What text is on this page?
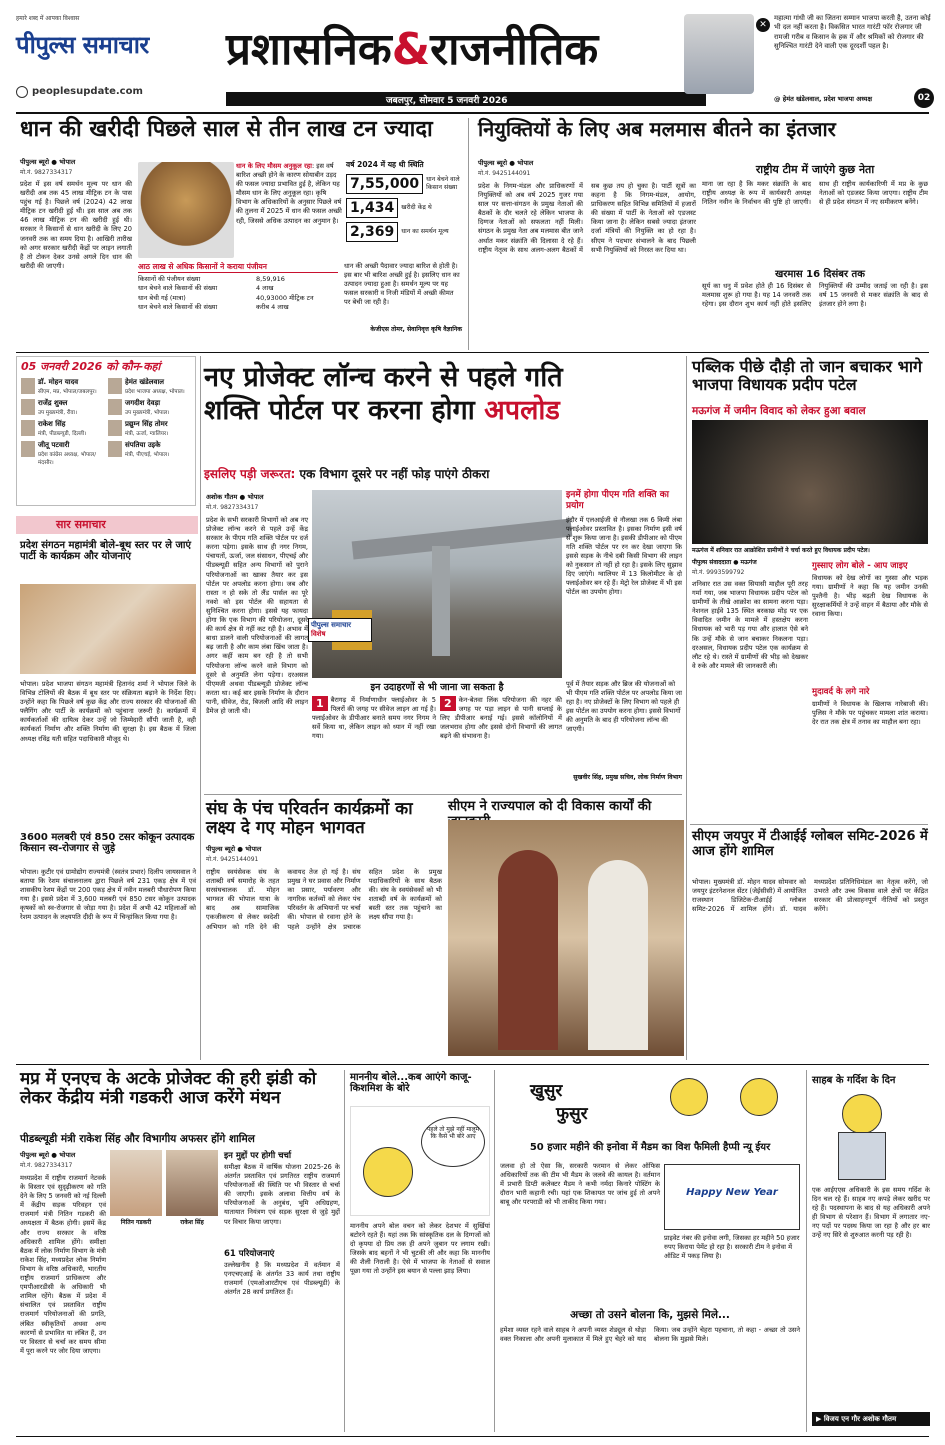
हमारे शब्द में आपका विश्वास
पीपुल्स समाचार
peoplesupdate.com
प्रशासनिक&राजनीतिक
जबलपुर, सोमवार 5 जनवरी 2026
✕
महात्मा गांधी जी का जितना सम्मान भाजपा करती है, उतना कोई भी दल नहीं करता है। विकसित भारत गारंटी फॉर रोजगार जी रामजी गरीब व किसान के हक में और श्रमिकों को रोजगार की सुनिश्चित गारंटी देने वाली एक दूरदर्शी पहल है।
@ हेमंत खंडेलवाल, प्रदेश भाजपा अध्यक्ष	02
धान की खरीदी पिछले साल से तीन लाख टन ज्यादा
पीपुल्स ब्यूरो ● भोपाल
मो.नं. 9827334317
प्रदेश में इस वर्ष समर्थन मूल्य पर धान की खरीदी अब तक 45 लाख मीट्रिक टन के पास पहुंच गई है। पिछले वर्ष (2024) 42 लाख मीट्रिक टन खरीदी हुई थी। इस साल अब तक 46 लाख मीट्रिक टन की खरीदी हुई थी। सरकार ने किसानों से धान खरीदी के लिए 20 जनवरी तक का समय दिया है। आखिरी तारीख को अगर सरकार खरीदी केंद्रों पर लाइन लगाती है तो टोकन देकर उनसे अगले दिन धान की खरीदी की जाएगी।
धान के लिए मौसम अनुकूल रहा: इस वर्ष बारिश अच्छी होने के कारण सोयाबीन उड़द की फसल ज्यादा प्रभावित हुई है, लेकिन यह मौसम धान के लिए अनुकूल रहा। कृषि विभाग के अधिकारियों के अनुसार पिछले वर्ष की तुलना में 2025 में धान की फसल अच्छी रही, जिससे अधिक उत्पादन का अनुमान है।
वर्ष 2024 में यह थी स्थिति
7,55,000	धान बेचने वाले किसान संख्या
1,434	खरीदी केंद्र थे
2,369	धान का समर्थन मूल्य
आठ लाख से अधिक किसानों ने कराया पंजीयन
किसानों की पंजीयन संख्या	8,59,916
धान बेचने वाले किसानों की संख्या	4 लाख
धान बेची गई (मात्रा)	40,93000 मीट्रिक टन
धान बेचने वाले किसानों की संख्या	करीब 4 लाख
धान की अच्छी पैदावार ज्यादा बारिश से होती है। इस बार भी बारिश अच्छी हुई है। इसलिए धान का उत्पादन ज्यादा हुआ है। समर्थन मूल्य पर यह फसल सरकारी व निजी मंडियों में अच्छी कीमत पर बेची जा रही है।
केजीएस तोमर, सेवानिवृत्त कृषि वैज्ञानिक
नियुक्तियों के लिए अब मलमास बीतने का इंतजार
पीपुल्स ब्यूरो ● भोपाल
मो.नं. 9425144091
प्रदेश के निगम-मंडल और प्राधिकरणों में नियुक्तियों को अब वर्ष 2025 गुजर गया साल पर सत्ता-संगठन के प्रमुख नेताओं की बैठकों के दौर चलते रहे लेकिन भाजपा के दिग्गज नेताओं को सफलता नहीं मिली। संगठन के प्रमुख नेता अब मलमास बीत जाने अर्थात मकर संक्रांति की दिलासा दे रहे हैं। राष्ट्रीय नेतृत्व के साथ अलग-अलग बैठकों में सब कुछ तय हो चुका है। पार्टी सूत्रों का कहना है कि निगम-मंडल, आयोग, प्राधिकरण सहित विभिन्न समितियों में हजारों की संख्या में पार्टी के नेताओं को एडजस्ट किया जाना है। लेकिन सबसे ज्यादा इंतजार दर्जा मंत्रियों की नियुक्ति का हो रहा है। सीएम ने पदभार संभालने के बाद पिछली सभी नियुक्तियों को निरस्त कर दिया था।
राष्ट्रीय टीम में जाएंगे कुछ नेता
माना जा रहा है कि मकर संक्रांति के बाद राष्ट्रीय अध्यक्ष के रूप में कार्यकारी अध्यक्ष नितिन नवीन के निर्वाचन की पुष्टि हो जाएगी। साथ ही राष्ट्रीय कार्यकारिणी में मप्र के कुछ नेताओं को एडजस्ट किया जाएगा। राष्ट्रीय टीम से ही प्रदेश संगठन में नए समीकरण बनेंगे।
खरमास 16 दिसंबर तक
सूर्य का धनु में प्रवेश होते ही 16 दिसंबर से मलमास शुरू हो गया है। यह 14 जनवरी तक रहेगा। इस दौरान शुभ कार्य नहीं होते इसलिए नियुक्तियों की उम्मीद जताई जा रही है। इस वर्ष 15 जनवरी से मकर संक्रांति के बाद से इंतजार होने लगा है।
05 जनवरी 2026 को कौन-कहां
डॉ. मोहन यादव
सीएम, मप्र, भोपाल/जबलपुर।
हेमंत खंडेलवाल
प्रदेश भाजपा अध्यक्ष, भोपाल।
राजेंद्र शुक्ल
उप मुख्यमंत्री, रीवा।
जगदीश देवड़ा
उप मुख्यमंत्री, भोपाल।
राकेश सिंह
मंत्री, पीडब्ल्यूडी, दिल्ली।
प्रद्युम्न सिंह तोमर
मंत्री, ऊर्जा, ग्वालियर।
जीतू पटवारी
प्रदेश कांग्रेस अध्यक्ष, भोपाल/मंदसौर।
संपतिया उइके
मंत्री, पीएचई, भोपाल।
नए प्रोजेक्ट लॉन्च करने से पहले गति
शक्ति पोर्टल पर करना होगा अपलोड
इसलिए पड़ी जरूरत: एक विभाग दूसरे पर नहीं फोड़ पाएंगे ठीकरा
अशोक गौतम ● भोपाल
मो.नं. 9827334317
प्रदेश के सभी सरकारी विभागों को अब नए प्रोजेक्ट लॉन्च करने से पहले उन्हें केंद्र सरकार के पीएम गति शक्ति पोर्टल पर दर्ज करना पड़ेगा। इसके साथ ही नगर निगम, पंचायतों, ऊर्जा, जल संसाधन, पीएचई और पीडब्ल्यूडी सहित अन्य विभागों को पुराने परियोजनाओं का खाका तैयार कर इस पोर्टल पर अपलोड करना होगा। जब और रास्ता न हो सके तो लैंड पार्सल का पूरे नक्शे को इस पोर्टल की सहायता से सुनिश्चित करना होगा। इससे यह फायदा होगा कि एक विभाग की परियोजना, दूसरे की कार्य क्षेत्र से नहीं कट रही है। अभाव में बाधा डालने वाली परियोजनाओं की लागत बढ़ जाती है और काम लंबा खिंच जाता है। अगर कहीं काम बन रही है तो सभी परियोजना लॉन्च करने वाले विभाग को दूसरे से अनुमति लेना पड़ेगा। दरअसल पीएमजी अथवा पीडब्ल्यूडी प्रोजेक्ट लॉन्च करता था। कई बार इसके निर्माण के दौरान पानी, सीवेज, रोड, बिजली आदि की लाइन डैमेज हो जाती थी।
पीपुल्स समाचार
विशेष
इनमें होगा पीएम गति शक्ति का प्रयोग
इंदौर में एलआईजी से नौलखा तक 6 किमी लंबा फ्लाईओवर प्रस्तावित है। इसका निर्माण इसी वर्ष से शुरू किया जाना है। इसकी डीपीआर को पीएम गति शक्ति पोर्टल पर रन कर देखा जाएगा कि इससे सड़क के नीचे दबी किसी विभाग की लाइन को नुकसान तो नहीं हो रहा है। इसके लिए सुझाव दिए जाएंगे। ग्वालियर में 13 किलोमीटर के दो फ्लाईओवर बन रहे हैं। मेट्रो रेल प्रोजेक्ट में भी इस पोर्टल का उपयोग होगा।
इन उदाहरणों से भी जाना जा सकता है
1	बैरागढ़ में निर्माणाधीन फ्लाईओवर के 5 पिलरों की जगह पर सीवेज लाइन आ गई है। फ्लाईओवर के डीपीआर बनाते समय नगर निगम ने सर्वे किया था, लेकिन लाइन को ध्यान में नहीं रखा गया।
2	केन-बेतवा लिंक परियोजना की नहर की जगह पर पड़ा लाइन से पानी सप्लाई के लिए डीपीआर बनाई गई। इससे कॉलोनियों में जलभराव होगा और इससे दोनों विभागों की लागत बढ़ने की संभावना है।
पूर्व में तैयार सड़क और ब्रिज की योजनाओं को भी पीएम गति शक्ति पोर्टल पर अपलोड किया जा रहा है। नए प्रोजेक्टों के लिए विभाग को पहले ही इस पोर्टल का उपयोग करना होगा। इससे विभागों की अनुमति के बाद ही परियोजना लॉन्च की जाएगी।
सुखवीर सिंह, प्रमुख सचिव, लोक निर्माण विभाग
सार समाचार
प्रदेश संगठन महामंत्री बोले-बूथ स्तर पर ले जाएं पार्टी के कार्यक्रम और योजनाएं
भोपाल। प्रदेश भाजपा संगठन महामंत्री हितानंद शर्मा ने भोपाल जिले के विभिन्न टोलियों की बैठक में बूथ स्तर पर संक्रियता बढ़ाने के निर्देश दिए। उन्होंने कहा कि पिछले वर्ष कुछ केंद्र और राज्य सरकार की योजनाओं की फ्लैगिंग और पार्टी के कार्यक्रमों को पहुंचाना जरूरी है। कार्यक्रमों में कार्यकर्ताओं की दायित्व देकर उन्हें जो जिम्मेदारी सौंपी जाती है, वही कार्यकर्ता निर्माण और शक्ति निर्माण की सुरक्षा है। इस बैठक में जिला अध्यक्ष रविंद्र यती सहित पदाधिकारी मौजूद थे।
3600 मलबरी एवं 850 टसर कोकून उत्पादक किसान स्व-रोजगार से जुड़े
भोपाल। कुटीर एवं ग्रामोद्योग राज्यमंत्री (स्वतंत्र प्रभार) दिलीप जायसवाल ने बताया कि रेशम संचालनालय द्वारा पिछले वर्ष 231 एकड़ क्षेत्र में एवं शासकीय रेशम केंद्रों पर 200 एकड़ क्षेत्र में नवीन मलबरी पौधारोपण किया गया है। इससे प्रदेश में 3,600 मलबरी एवं 850 टसर कोकून उत्पादक कृषकों को स्व-रोजगार से जोड़ा गया है। प्रदेश में अभी 42 महिलाओं को रेशम उत्पादन के लक्ष्यपति दीदी के रूप में चिन्हांकित किया गया है।
पब्लिक पीछे दौड़ी तो जान बचाकर भागे भाजपा विधायक प्रदीप पटेल
मऊगंज में जमीन विवाद को लेकर हुआ बवाल
मऊगंज में शनिवार रात आक्रोशित ग्रामीणों ने चर्चा करते हुए विधायक प्रदीप पटेल।
पीपुल्स संवाददाता ● मऊगंज
मो.नं. 9993599792
शनिवार रात उस वक्त सियासी माहौल पूरी तरह गर्मा गया, जब भाजपा विधायक प्रदीप पटेल को ग्रामीणों के तीखे आक्रोश का सामना करना पड़ा। नेशनल हाईवे 135 स्थित बरकाछ मोड़ पर एक विवादित जमीन के मामले में हस्तक्षेप करना विधायक को भारी पड़ गया और हालात ऐसे बने कि उन्हें मौके से जान बचाकर निकलना पड़ा। दरअसल, विधायक प्रदीप पटेल एक कार्यक्रम से लौट रहे थे। रास्ते में ग्रामीणों की भीड़ को देखकर वे रुके और मामले की जानकारी ली।
गुस्साए लोग बोले - आप जाइए
विधायक को देख लोगों का गुस्सा और भड़क गया। ग्रामीणों ने कहा कि यह जमीन उनकी पुश्तैनी है। भीड़ बढ़ती देख विधायक के सुरक्षाकर्मियों ने उन्हें वाहन में बैठाया और मौके से रवाना किया।
मुदावर्द के लगे नारे
ग्रामीणों ने विधायक के खिलाफ नारेबाजी की। पुलिस ने मौके पर पहुंचकर मामला शांत कराया। देर रात तक क्षेत्र में तनाव का माहौल बना रहा।
सीएम जयपुर में टीआईई ग्लोबल समिट-2026 में आज होंगे शामिल
भोपाल। मुख्यमंत्री डॉ. मोहन यादव सोमवार को जयपुर इंटरनेशनल सेंटर (जेईसीसी) में आयोजित राजस्थान डिजिटेक-टीआईई ग्लोबल समिट-2026 में शामिल होंगे। डॉ. यादव मध्यप्रदेश प्रतिनिधिमंडल का नेतृत्व करेंगे, जो उभरते और उच्च विकास वाले क्षेत्रों पर केंद्रित सरकार की प्रोत्साहनपूर्ण नीतियों को प्रस्तुत करेंगे।
संघ के पंच परिवर्तन कार्यक्रमों का लक्ष्य दे गए मोहन भागवत
पीपुल्स ब्यूरो ● भोपाल
मो.नं. 9425144091
राष्ट्रीय स्वयंसेवक संघ के शताब्दी वर्ष समारोह के तहत सरसंघचालक डॉ. मोहन भागवत की भोपाल यात्रा के बाद अब सामाजिक एकजीकरण से लेकर स्वदेशी अभियान को गति देने की कवायद तेज हो गई है। संघ प्रमुख ने घर प्रवास और निर्माण का प्रसार, पर्यावरण और नागरिक कर्तव्यों को लेकर पंच परिवर्तन के अभियानों पर चर्चा की। भोपाल से रवाना होने के पहले उन्होंने क्षेत्र प्रचारक सहित प्रदेश के प्रमुख पदाधिकारियों के साथ बैठक की। संघ के स्वयंसेवकों को भी शताब्दी वर्ष के कार्यक्रमों को बस्ती स्तर तक पहुंचाने का लक्ष्य सौंपा गया है।
सीएम ने राज्यपाल को दी विकास कार्यों की
मप्र में एनएच के अटके प्रोजेक्ट की हरी झंडी को लेकर केंद्रीय मंत्री गडकरी आज करेंगे मंथन
पीडब्ल्यूडी मंत्री राकेश सिंह और विभागीय अफसर होंगे शामिल
पीपुल्स ब्यूरो ● भोपाल
मो.नं. 9827334317
मध्यप्रदेश में राष्ट्रीय राजमार्ग नेटवर्क के विस्तार एवं सुदृढ़ीकरण को गति देने के लिए 5 जनवरी को नई दिल्ली में केंद्रीय सड़क परिवहन एवं राजमार्ग मंत्री नितिन गडकरी की अध्यक्षता में बैठक होगी। इसमें केंद्र और राज्य सरकार के वरिष्ठ अधिकारी शामिल होंगे। समीक्षा बैठक में लोक निर्माण विभाग के मंत्री राकेश सिंह, मध्यप्रदेश लोक निर्माण विभाग के वरिष्ठ अधिकारी, भारतीय राष्ट्रीय राजमार्ग प्राधिकरण और एमपीआरडीसी के अधिकारी भी शामिल रहेंगे। बैठक में प्रदेश में संचालित एवं प्रस्तावित राष्ट्रीय राजमार्ग परियोजनाओं की प्रगति, लंबित स्वीकृतियों अथवा अन्य कारणों से प्रभावित या लंबित हैं, उन पर विस्तार से चर्चा कर समय सीमा में पूरा करने पर जोर दिया जाएगा।
नितिन गडकरी	राकेश सिंह
इन मुद्दों पर होगी चर्चा
समीक्षा बैठक में वार्षिक योजना 2025-26 के अंतर्गत प्रस्तावित एवं प्रगतिरत राष्ट्रीय राजमार्ग परियोजनाओं की स्थिति पर भी विस्तार से चर्चा की जाएगी। इसके अलावा वित्तीय वर्ष के परियोजनाओं के अनुबंध, भूमि अधिग्रहण, यातायात नियंत्रण एवं सड़क सुरक्षा से जुड़े मुद्दों पर विचार किया जाएगा।
61 परियोजनाएं
उल्लेखनीय है कि मध्यप्रदेश में वर्तमान में एनएचएआई के अंतर्गत 33 कार्य तथा राष्ट्रीय राजमार्ग (एमओआरटीएच एवं पीडब्ल्यूडी) के अंतर्गत 28 कार्य प्रगतिरत हैं।
माननीय बोले...कब आएंगे काजू-किशमिश के बोरे
पहले तो मुझे नहीं मालूम कि कैसे भी बोरे आए
माननीय अपने बोल वचन को लेकर देशभर में सुर्खियां बटोरने रहते हैं। यहां तक कि सांस्कृतिक दल के दिग्गजों को दो कृपया दो प्रिय तक ही अपने जुबान पर लगाम रखी। जिसके बाद बहनों ने भी चुटकी ली और कहा कि माननीय की शैली निराली है। ऐसे में भाजपा के नेताओं से सवाल पूछा गया तो उन्होंने इस बयान से पल्ला झाड़ लिया।
खुसुर
फुसुर
50 हजार महीने की इनोवा में मैडम का विश फैमिली हैप्पी न्यू ईयर
जलवा हो तो ऐसा कि, सरकारी फरमान से लेकर ऑफिस अधिकारियों तक की टीम भी मैडम के जलवे की कायल है। वर्तमान में प्रभारी डिप्टी कलेक्टर मैडम ने कभी नर्मदा किनारे पोस्टिंग के दौरान भारी कहानी रची। यहां एक शिकायत पर जांच हुई तो अपने बाबू और परपराडी को भी ताकीद किया गया।
Happy New Year
प्राइवेट नंबर की इनोवा लगी, जिसका हर महीने 50 हजार रुपए किराया पेमेंट हो रहा है। सरकारी टीम ने इनोवा में ऑडिट में पकड़ लिया है।
अच्छा तो उसने बोलना कि, मुझसे मिले...
हमेशा व्यस्त रहने वाले साहब ने अपनी व्यस्त शेड्यूल से थोड़ा वक्त निकाला और अपनी मुलाकात में मिले हुए चेहरे को याद किया। जब उन्होंने चेहरा पहचाना, तो कहा - अच्छा तो उसने बोलना कि मुझसे मिले।
साहब के गर्दिश के दिन
एक आईएएस अधिकारी के इस समय गर्दिश के दिन चल रहे हैं। साहब नए कपड़े लेकर खरीद पर रहे हैं। पदस्थापना के बाद से यह अधिकारी अपने ही विभाग से परेशान हैं। विभाग में लगातार नए-नए पदों पर पदस्थ किया जा रहा है और हर बार उन्हें नए सिरे से शुरुआत करनी पड़ रही है।
▶ विजय एन गौर अशोक गौतम
